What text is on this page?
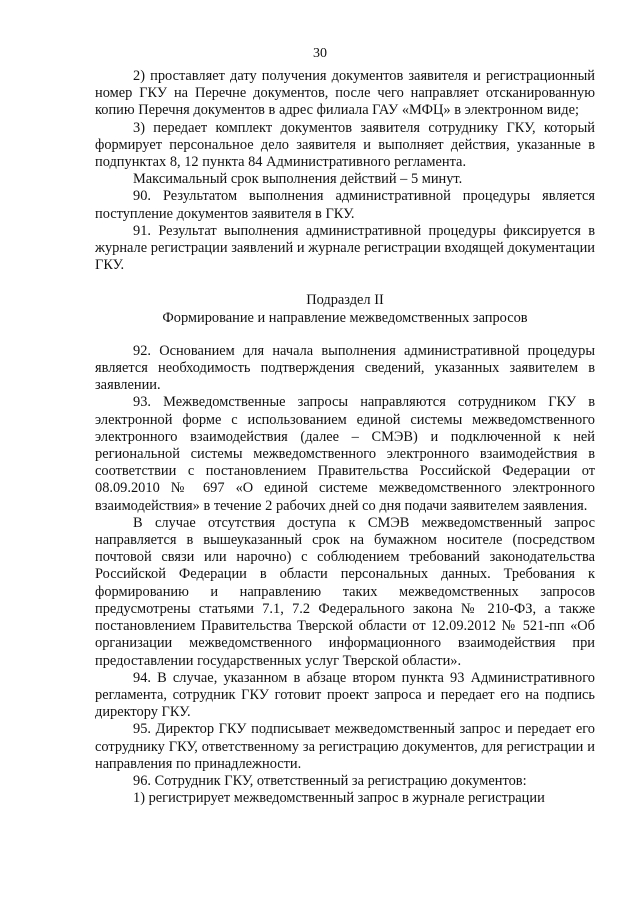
30

2) проставляет дату получения документов заявителя и регистрационный номер ГКУ на Перечне документов, после чего направляет отсканированную копию Перечня документов в адрес филиала ГАУ «МФЦ» в электронном виде;

3) передает комплект документов заявителя сотруднику ГКУ, который формирует персональное дело заявителя и выполняет действия, указанные в подпунктах 8, 12 пункта 84 Административного регламента.

Максимальный срок выполнения действий – 5 минут.

90. Результатом выполнения административной процедуры является поступление документов заявителя в ГКУ.

91. Результат выполнения административной процедуры фиксируется в журнале регистрации заявлений и журнале регистрации входящей документации ГКУ.

Подраздел II
Формирование и направление межведомственных запросов

92. Основанием для начала выполнения административной процедуры является необходимость подтверждения сведений, указанных заявителем в заявлении.

93. Межведомственные запросы направляются сотрудником ГКУ в электронной форме с использованием единой системы межведомственного электронного взаимодействия (далее – СМЭВ) и подключенной к ней региональной системы межведомственного электронного взаимодействия в соответствии с постановлением Правительства Российской Федерации от 08.09.2010 № 697 «О единой системе межведомственного электронного взаимодействия» в течение 2 рабочих дней со дня подачи заявителем заявления.

В случае отсутствия доступа к СМЭВ межведомственный запрос направляется в вышеуказанный срок на бумажном носителе (посредством почтовой связи или нарочно) с соблюдением требований законодательства Российской Федерации в области персональных данных. Требования к формированию и направлению таких межведомственных запросов предусмотрены статьями 7.1, 7.2 Федерального закона № 210-ФЗ, а также постановлением Правительства Тверской области от 12.09.2012 № 521-пп «Об организации межведомственного информационного взаимодействия при предоставлении государственных услуг Тверской области».

94. В случае, указанном в абзаце втором пункта 93 Административного регламента, сотрудник ГКУ готовит проект запроса и передает его на подпись директору ГКУ.

95. Директор ГКУ подписывает межведомственный запрос и передает его сотруднику ГКУ, ответственному за регистрацию документов, для регистрации и направления по принадлежности.

96. Сотрудник ГКУ, ответственный за регистрацию документов:

1) регистрирует межведомственный запрос в журнале регистрации
